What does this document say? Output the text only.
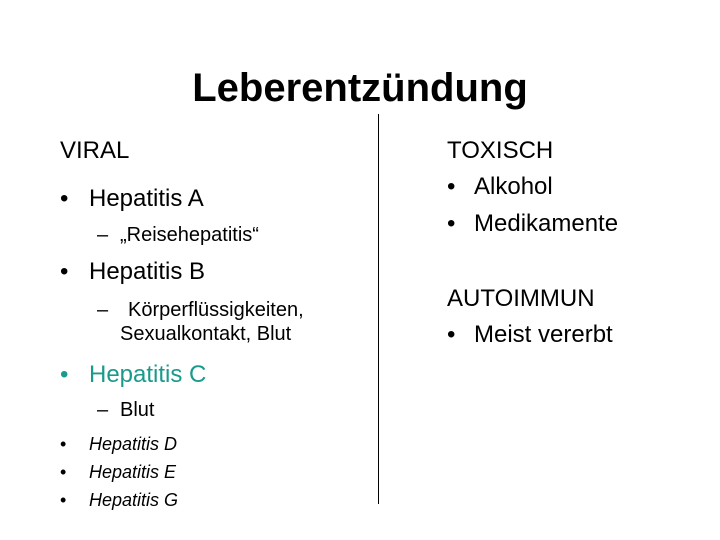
Leberentzündung
VIRAL
• Hepatitis A
– „Reisehepatitis“
• Hepatitis B
– Körperflüssigkeiten,
Sexualkontakt, Blut
• Hepatitis C
– Blut
• Hepatitis D
• Hepatitis E
• Hepatitis G
TOXISCH
• Alkohol
• Medikamente
AUTOIMMUN
• Meist vererbt
